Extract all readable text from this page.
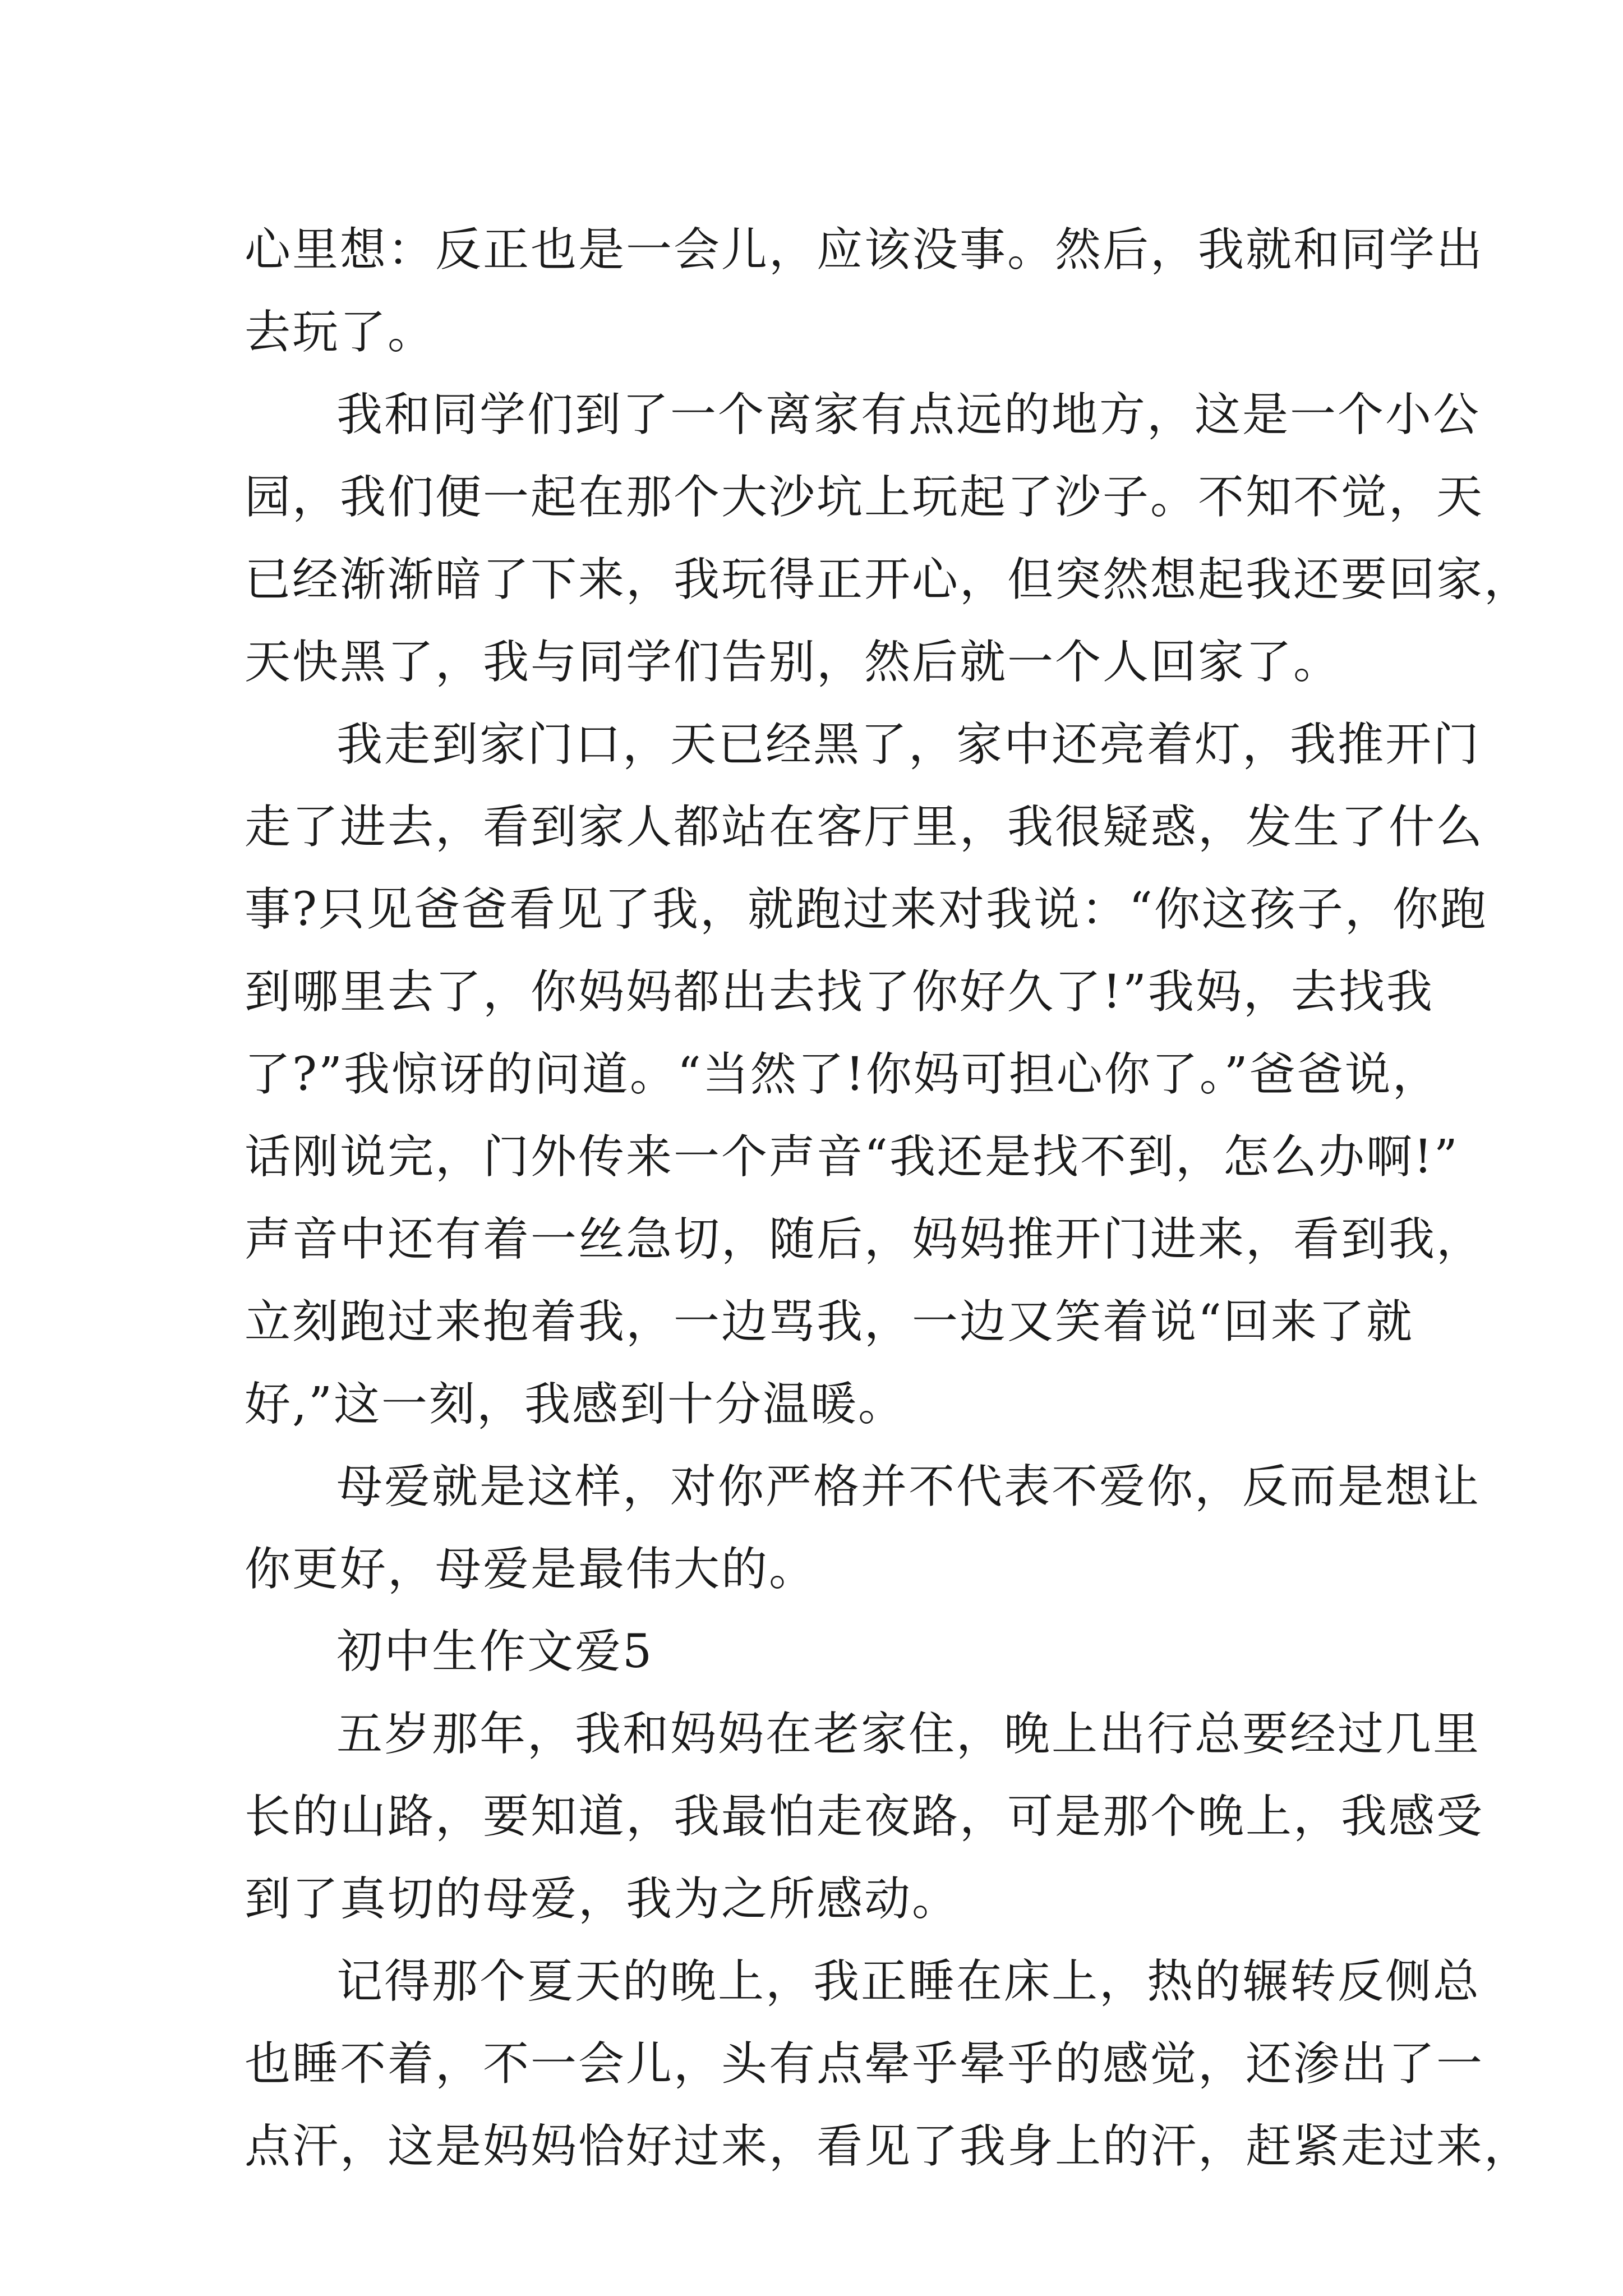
心里想：反正也是一会儿，应该没事。然后，我就和同学出
去玩了。
我和同学们到了一个离家有点远的地方，这是一个小公
园，我们便一起在那个大沙坑上玩起了沙子。不知不觉，天
已经渐渐暗了下来，我玩得正开心，但突然想起我还要回家，
天快黑了，我与同学们告别，然后就一个人回家了。
我走到家门口，天已经黑了，家中还亮着灯，我推开门
走了进去，看到家人都站在客厅里，我很疑惑，发生了什么
事?只见爸爸看见了我，就跑过来对我说：“你这孩子，你跑
到哪里去了，你妈妈都出去找了你好久了!”我妈，去找我
了?”我惊讶的问道。“当然了!你妈可担心你了。”爸爸说，
话刚说完，门外传来一个声音“我还是找不到，怎么办啊!”
声音中还有着一丝急切，随后，妈妈推开门进来，看到我，
立刻跑过来抱着我，一边骂我，一边又笑着说“回来了就
好,”这一刻，我感到十分温暖。
母爱就是这样，对你严格并不代表不爱你，反而是想让
你更好，母爱是最伟大的。
初中生作文爱5
五岁那年，我和妈妈在老家住，晚上出行总要经过几里
长的山路，要知道，我最怕走夜路，可是那个晚上，我感受
到了真切的母爱，我为之所感动。
记得那个夏天的晚上，我正睡在床上，热的辗转反侧总
也睡不着，不一会儿，头有点晕乎晕乎的感觉，还渗出了一
点汗，这是妈妈恰好过来，看见了我身上的汗，赶紧走过来，
